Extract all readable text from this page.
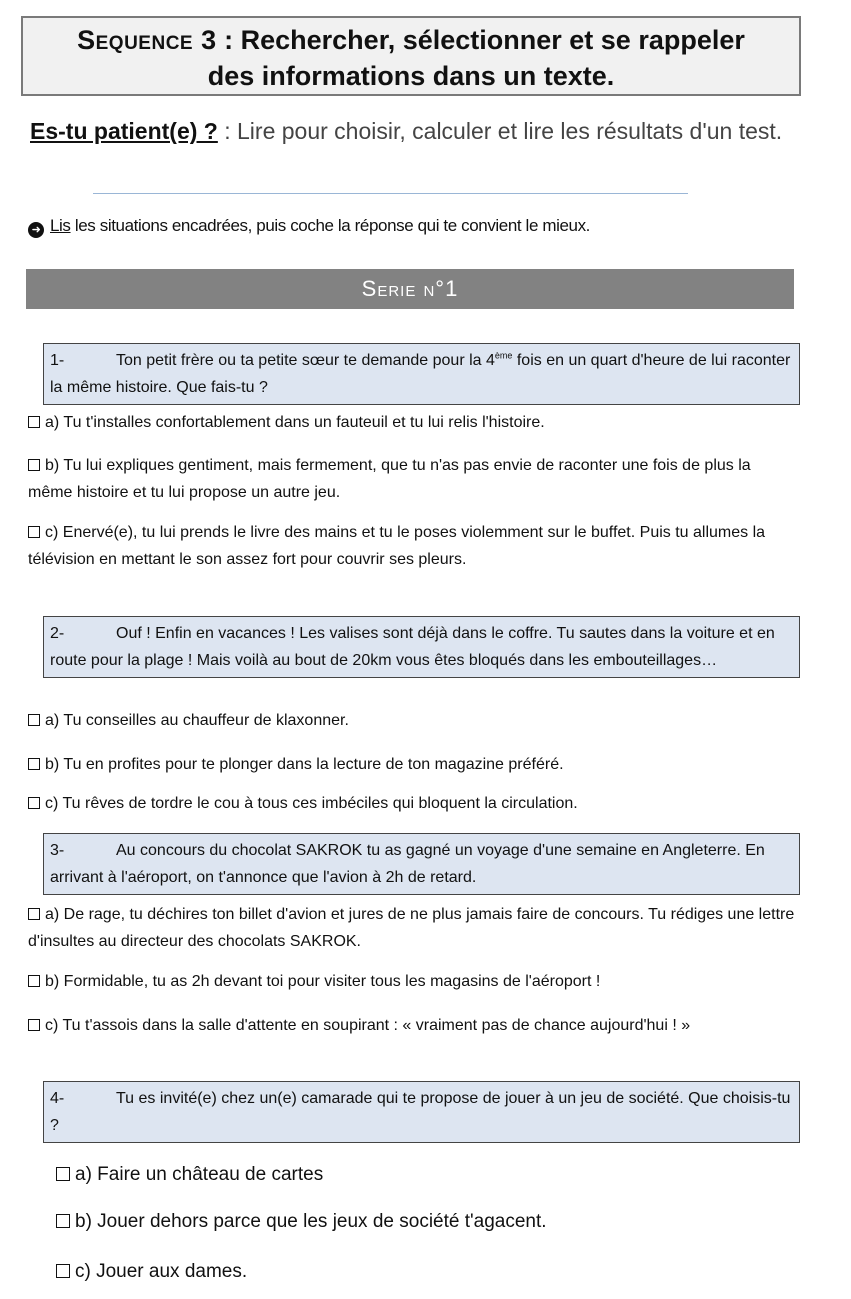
Sequence 3 : Rechercher, sélectionner et se rappeler
des informations dans un texte.
Es-tu patient(e) ? : Lire pour choisir, calculer et lire les résultats d'un test.
➜ Lis les situations encadrées, puis coche la réponse qui te convient le mieux.
Serie n°1
1-	Ton petit frère ou ta petite sœur te demande pour la 4ème fois en un quart d'heure de lui raconter la même histoire. Que fais-tu ?
a) Tu t'installes confortablement dans un fauteuil et tu lui relis l'histoire.
b) Tu lui expliques gentiment, mais fermement, que tu n'as pas envie de raconter une fois de plus la même histoire et tu lui propose un autre jeu.
c) Enervé(e), tu lui prends le livre des mains et tu le poses violemment sur le buffet. Puis tu allumes la télévision en mettant le son assez fort pour couvrir ses pleurs.
2-	Ouf ! Enfin en vacances ! Les valises sont déjà dans le coffre. Tu sautes dans la voiture et en route pour la plage ! Mais voilà au bout de 20km vous êtes bloqués dans les embouteillages…
a) Tu conseilles au chauffeur de klaxonner.
b) Tu en profites pour te plonger dans la lecture de ton magazine préféré.
c) Tu rêves de tordre le cou à tous ces imbéciles qui bloquent la circulation.
3-	Au concours du chocolat SAKROK tu as gagné un voyage d'une semaine en Angleterre. En arrivant à l'aéroport, on t'annonce que l'avion à 2h de retard.
a) De rage, tu déchires ton billet d'avion et jures de ne plus jamais faire de concours. Tu rédiges une lettre d'insultes au directeur des chocolats SAKROK.
b) Formidable, tu as 2h devant toi pour visiter tous les magasins de l'aéroport !
c) Tu t'assois dans la salle d'attente en soupirant : « vraiment pas de chance aujourd'hui ! »
4-	Tu es invité(e) chez un(e) camarade qui te propose de jouer à un jeu de société. Que choisis-tu ?
a) Faire un château de cartes
b) Jouer dehors parce que les jeux de société t'agacent.
c) Jouer aux dames.
